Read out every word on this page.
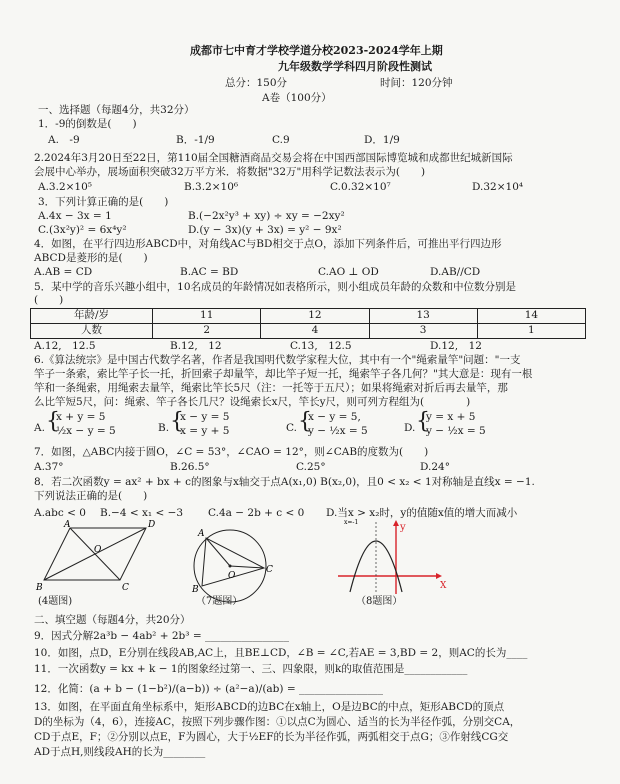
成都市七中育才学校学道分校2023-2024学年上期
九年级数学学科四月阶段性测试
总分：150分	时间：120分钟
A卷（100分）
一、选择题（每题4分，共32分）
1．-9的倒数是(　　)
A.　-9	B．-1/9	C.9	D．1/9
2.2024年3月20日至22日，第110届全国糖酒商品交易会将在中国西部国际博览城和成都世纪城新国际
会展中心举办，展场面积突破32万平方米．将数据"32万"用科学记数法表示为(　　)
A.3.2×10⁵	B.3.2×10⁶	C.0.32×10⁷	D.32×10⁴
3．下列计算正确的是(　　)
A.4x − 3x = 1	B.(−2x²y³ + xy) ÷ xy = −2xy²
C.(3x²y)² = 6x⁴y²	D.(y − 3x)(y + 3x) = y² − 9x²
4．如图，在平行四边形ABCD中，对角线AC与BD相交于点O，添加下列条件后，可推出平行四边形
ABCD是菱形的是(　　)
A.AB = CD	B.AC = BD	C.AO ⊥ OD	D.AB//CD
5．某中学的音乐兴趣小组中，10名成员的年龄情况如表格所示，则小组成员年龄的众数和中位数分别是
(　　)
年龄/岁	11	12	13	14
人数	2	4	3	1
A.12,　12.5	B.12,　12	C.13,　12.5	D.12,　12
6.《算法统宗》是中国古代数学名著，作者是我国明代数学家程大位，其中有一个"绳索量竿"问题："一支
竿子一条索，索比竿子长一托，折回索子却量竿，却比竿子短一托，绳索竿子各几何？"其大意是：现有一根
竿和一条绳索，用绳索去量竿，绳索比竿长5尺（注：一托等于五尺）；如果将绳索对折后再去量竿，那
么比竿短5尺，问：绳索、竿子各长几尺？设绳索长x尺，竿长y尺，则可列方程组为(　　　　)
A. {
x + y = 5
½x − y = 5	B. {
x − y = 5
x = y + 5	C. {
x − y = 5,
y − ½x = 5	D. {
y = x + 5
y − ½x = 5
7．如图，△ABC内接于圆O，∠C = 53°，∠CAO = 12°，则∠CAB的度数为(　　)
A.37°	B.26.5°	C.25°	D.24°
8．若二次函数y = ax² + bx + c的图象与x轴交于点A(x₁,0) B(x₂,0)，且0 < x₂ < 1对称轴是直线x = −1.
下列说法正确的是(　　)
A.abc < 0 B.−4 < x₁ < −3 C.4a − 2b + c < 0 D.当x > x₂时，y的值随x值的增大而减小
A	D
O
B	C
(4题图)
A
O
B
C
（7题图）
X
y
x=-1
（8题图）
二、填空题（每题4分，共20分）
9．因式分解2a³b − 4ab² + 2b³ = ________________
10．如图，点D，E分别在线段AB,AC上，且BE⊥CD，∠B = ∠C,若AE = 3,BD = 2，则AC的长为____
11．一次函数y = kx + k − 1的图象经过第一、三、四象限，则k的取值范围是____________
12．化简：(a + b − (1−b²)/(a−b)) ÷ (a²−a)/(ab) = ________________
13．如图，在平面直角坐标系中，矩形ABCD的边BC在x轴上，O是边BC的中点，矩形ABCD的顶点
D的坐标为（4，6），连接AC，按照下列步骤作图：①以点C为圆心、适当的长为半径作弧，分别交CA，
CD于点E，F；②分别以点E，F为圆心，大于½EF的长为半径作弧，两弧相交于点G；③作射线CG交
AD于点H,则线段AH的长为________
